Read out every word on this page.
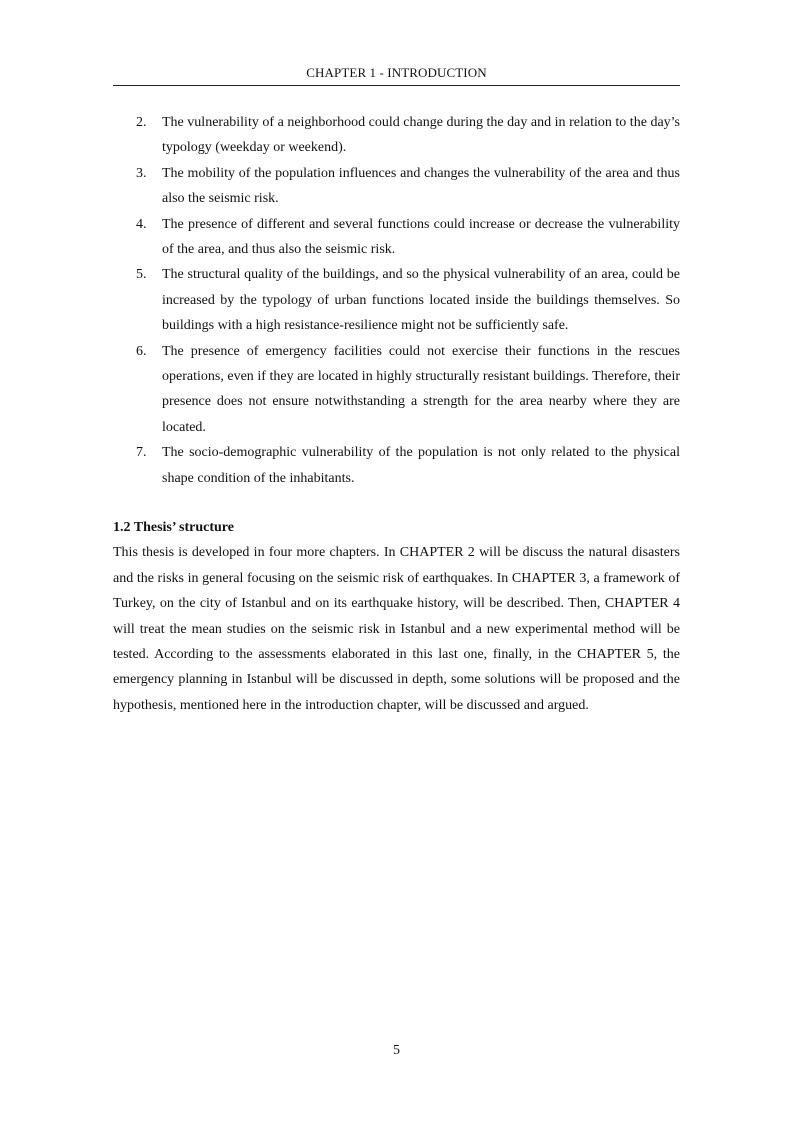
CHAPTER 1 - INTRODUCTION
2. The vulnerability of a neighborhood could change during the day and in relation to the day’s typology (weekday or weekend).
3. The mobility of the population influences and changes the vulnerability of the area and thus also the seismic risk.
4. The presence of different and several functions could increase or decrease the vulnerability of the area, and thus also the seismic risk.
5. The structural quality of the buildings, and so the physical vulnerability of an area, could be increased by the typology of urban functions located inside the buildings themselves. So buildings with a high resistance-resilience might not be sufficiently safe.
6. The presence of emergency facilities could not exercise their functions in the rescues operations, even if they are located in highly structurally resistant buildings. Therefore, their presence does not ensure notwithstanding a strength for the area nearby where they are located.
7. The socio-demographic vulnerability of the population is not only related to the physical shape condition of the inhabitants.

1.2 Thesis’ structure

This thesis is developed in four more chapters. In CHAPTER 2 will be discuss the natural disasters and the risks in general focusing on the seismic risk of earthquakes. In CHAPTER 3, a framework of Turkey, on the city of Istanbul and on its earthquake history, will be described. Then, CHAPTER 4 will treat the mean studies on the seismic risk in Istanbul and a new experimental method will be tested. According to the assessments elaborated in this last one, finally, in the CHAPTER 5, the emergency planning in Istanbul will be discussed in depth, some solutions will be proposed and the hypothesis, mentioned here in the introduction chapter, will be discussed and argued.

5
